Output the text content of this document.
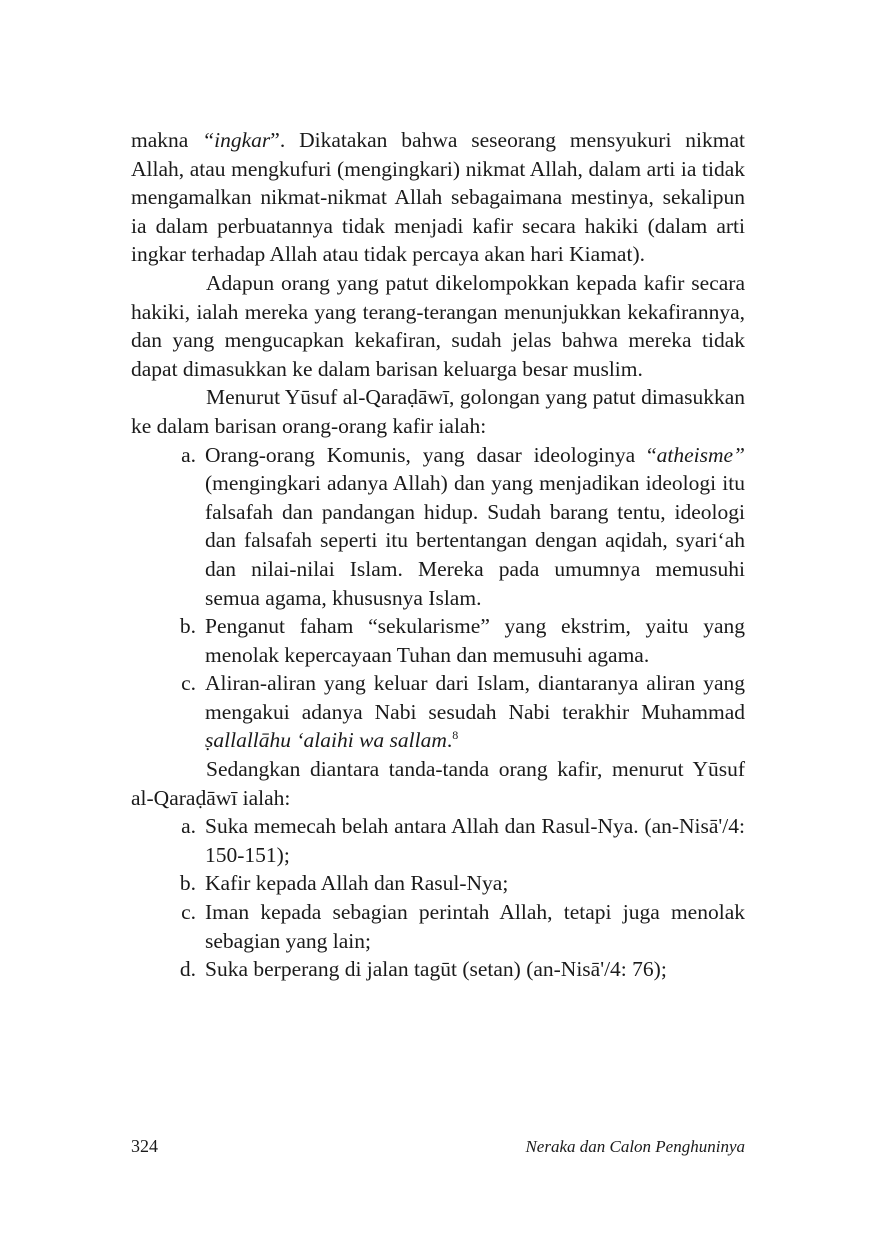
makna “ingkar”. Dikatakan bahwa seseorang mensyukuri nikmat Allah, atau mengkufuri (mengingkari) nikmat Allah, dalam arti ia tidak mengamalkan nikmat-nikmat Allah sebagaimana mestinya, sekalipun ia dalam perbuatannya tidak menjadi kafir secara hakiki (dalam arti ingkar terhadap Allah atau tidak percaya akan hari Kiamat).

Adapun orang yang patut dikelompokkan kepada kafir secara hakiki, ialah mereka yang terang-terangan menunjukkan kekafirannya, dan yang mengucapkan kekafiran, sudah jelas bahwa mereka tidak dapat dimasukkan ke dalam barisan keluarga besar muslim.

Menurut Yūsuf al-Qaraḍāwī, golongan yang patut dimasukkan ke dalam barisan orang-orang kafir ialah:

a. Orang-orang Komunis, yang dasar ideologinya “atheisme” (mengingkari adanya Allah) dan yang menjadikan ideologi itu falsafah dan pandangan hidup. Sudah barang tentu, ideologi dan falsafah seperti itu bertentangan dengan aqidah, syari‘ah dan nilai-nilai Islam. Mereka pada umumnya memusuhi semua agama, khususnya Islam.
b. Penganut faham “sekularisme” yang ekstrim, yaitu yang menolak kepercayaan Tuhan dan memusuhi agama.
c. Aliran-aliran yang keluar dari Islam, diantaranya aliran yang mengakui adanya Nabi sesudah Nabi terakhir Muhammad ṣallallāhu ‘alaihi wa sallam.$^8$

Sedangkan diantara tanda-tanda orang kafir, menurut Yūsuf al-Qaraḍāwī ialah:

a. Suka memecah belah antara Allah dan Rasul-Nya. (an-Nisā'/4: 150-151);
b. Kafir kepada Allah dan Rasul-Nya;
c. Iman kepada sebagian perintah Allah, tetapi juga menolak sebagian yang lain;
d. Suka berperang di jalan tagūt (setan) (an-Nisā'/4: 76);
324	Neraka dan Calon Penghuninya
